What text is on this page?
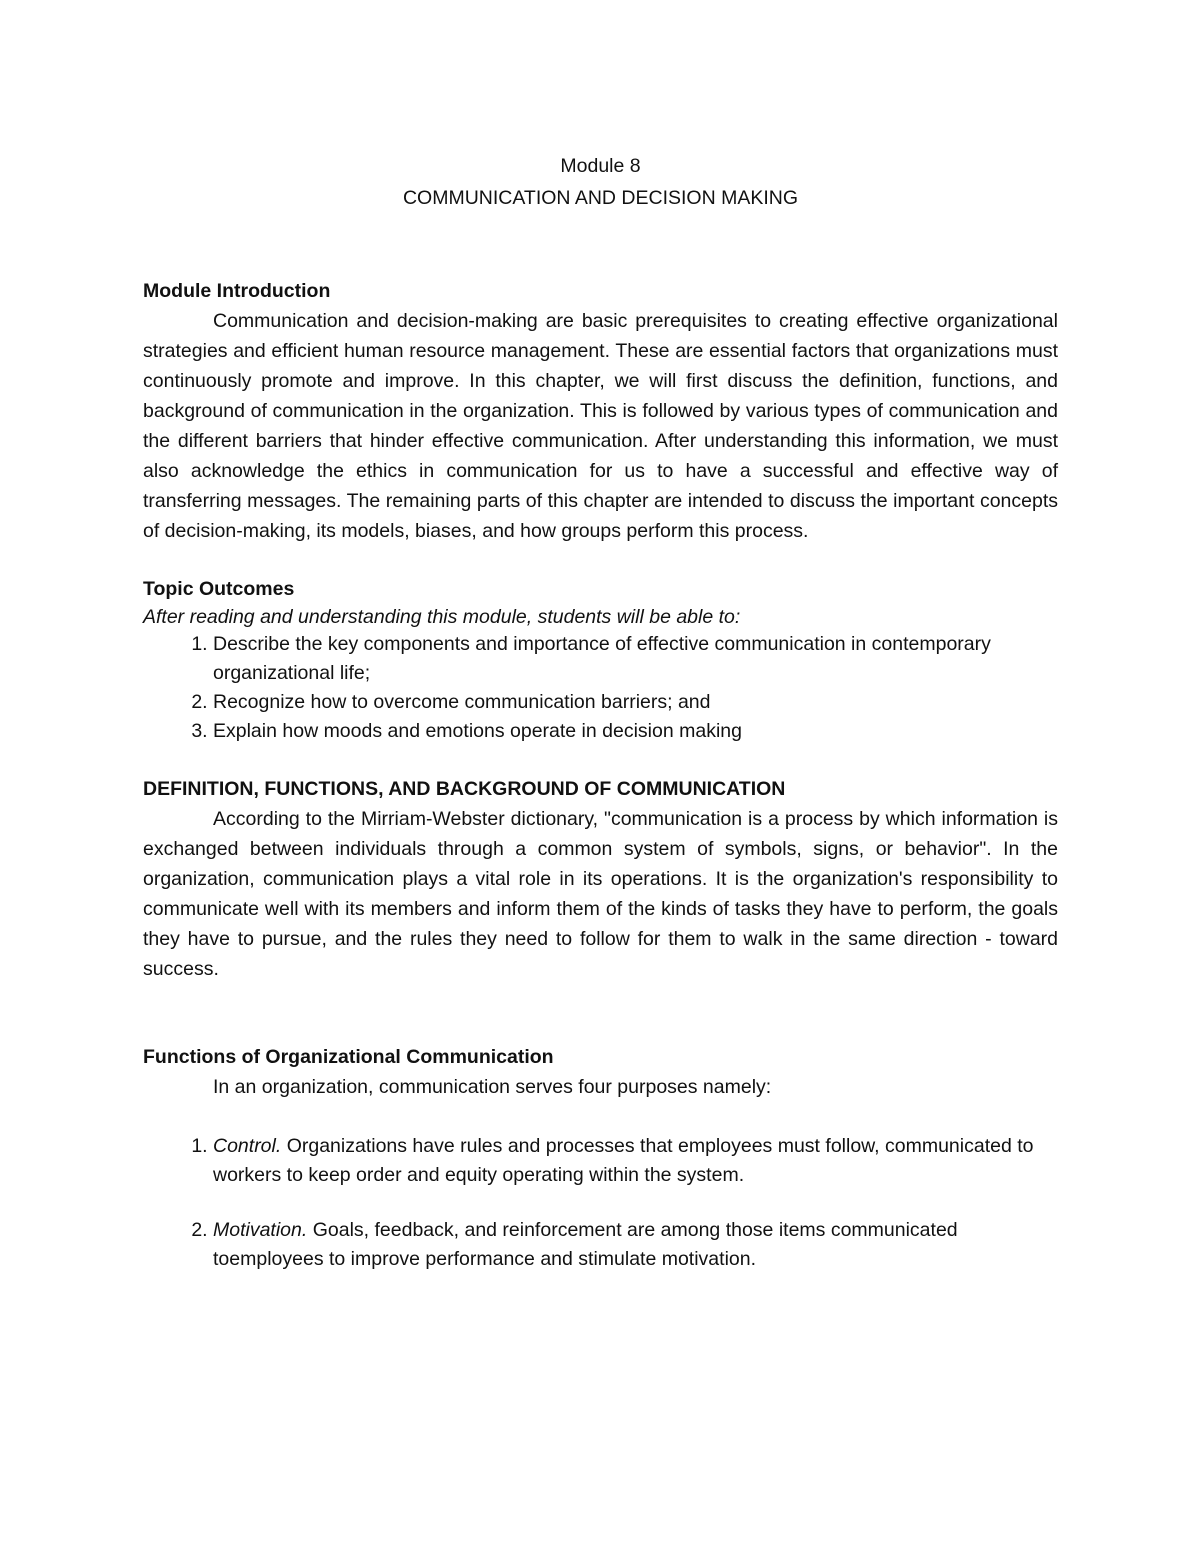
Module 8
COMMUNICATION AND DECISION MAKING
Module Introduction

Communication and decision-making are basic prerequisites to creating effective organizational strategies and efficient human resource management. These are essential factors that organizations must continuously promote and improve. In this chapter, we will first discuss the definition, functions, and background of communication in the organization. This is followed by various types of communication and the different barriers that hinder effective communication. After understanding this information, we must also acknowledge the ethics in communication for us to have a successful and effective way of transferring messages. The remaining parts of this chapter are intended to discuss the important concepts of decision-making, its models, biases, and how groups perform this process.

Topic Outcomes
After reading and understanding this module, students will be able to:
1. Describe the key components and importance of effective communication in contemporary organizational life;
2. Recognize how to overcome communication barriers; and
3. Explain how moods and emotions operate in decision making
DEFINITION, FUNCTIONS, AND BACKGROUND OF COMMUNICATION

According to the Mirriam-Webster dictionary, "communication is a process by which information is exchanged between individuals through a common system of symbols, signs, or behavior". In the organization, communication plays a vital role in its operations. It is the organization's responsibility to communicate well with its members and inform them of the kinds of tasks they have to perform, the goals they have to pursue, and the rules they need to follow for them to walk in the same direction - toward success.

Functions of Organizational Communication
In an organization, communication serves four purposes namely:
1. Control. Organizations have rules and processes that employees must follow, communicated to workers to keep order and equity operating within the system.
2. Motivation. Goals, feedback, and reinforcement are among those items communicated toemployees to improve performance and stimulate motivation.
